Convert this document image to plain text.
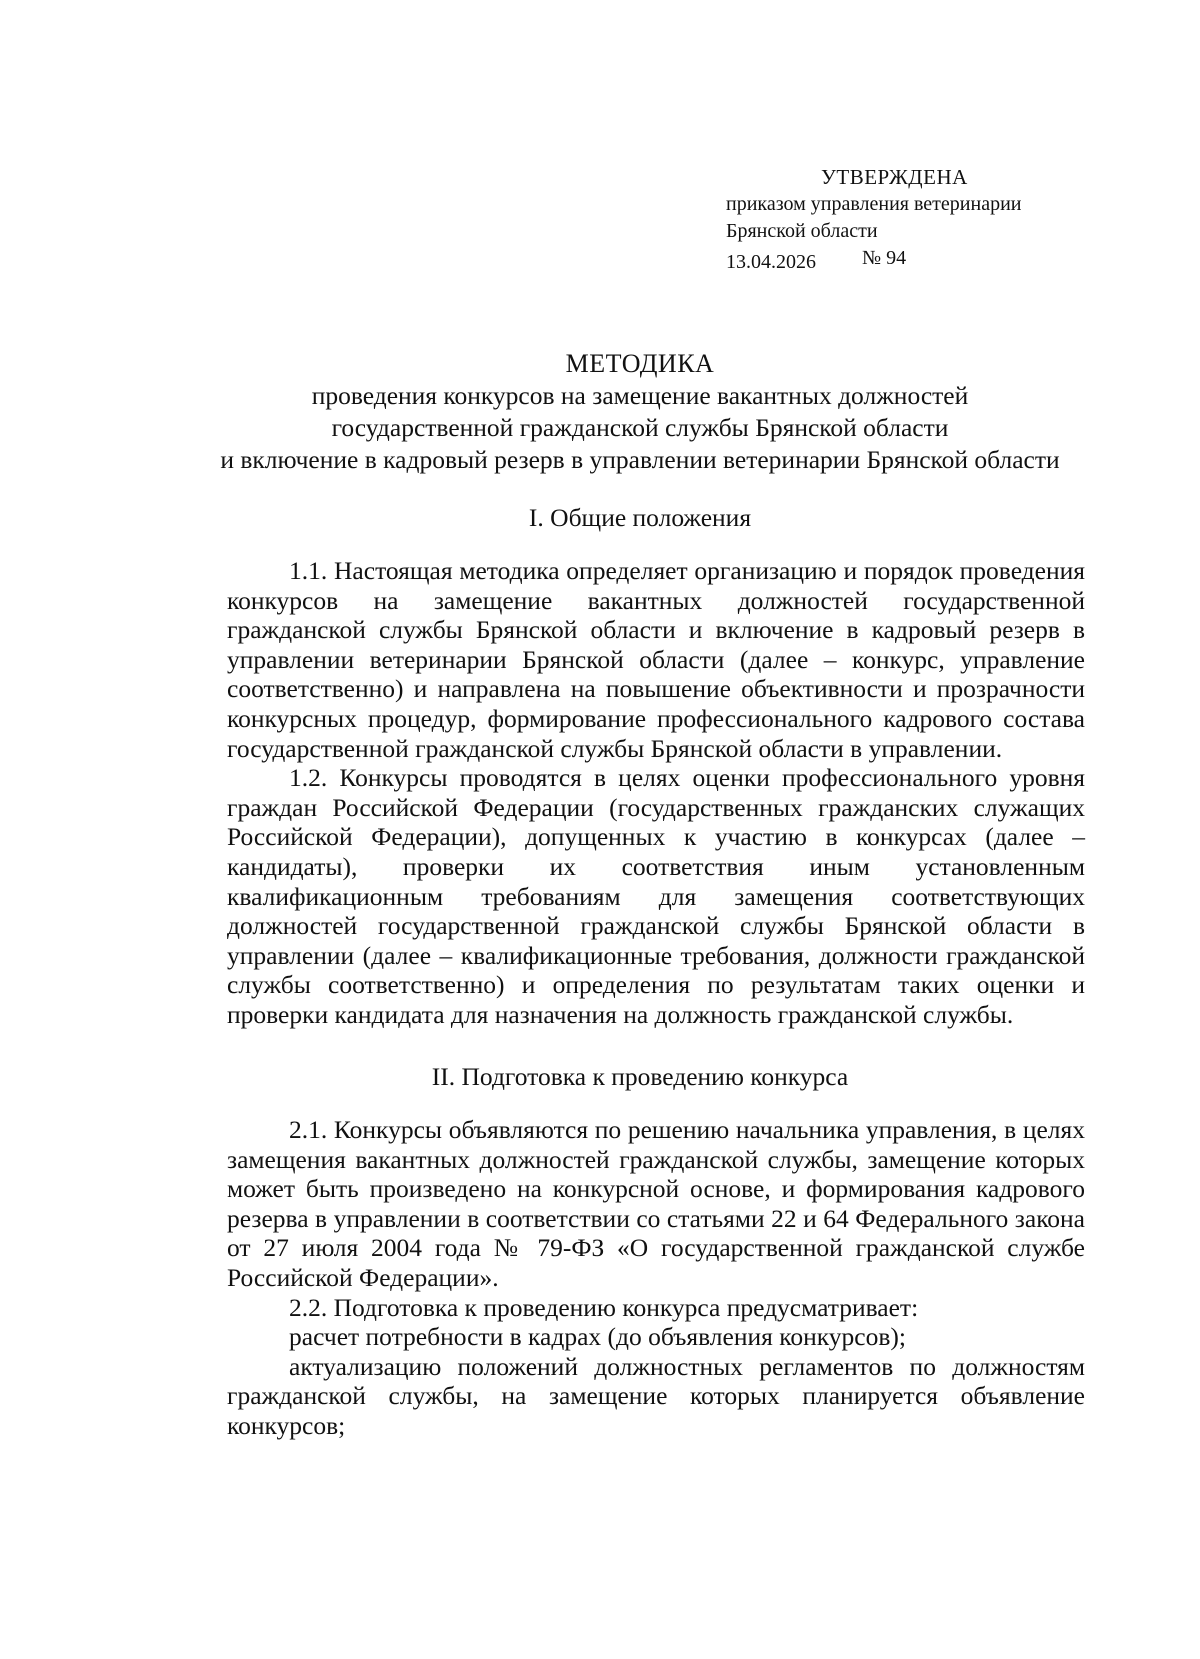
УТВЕРЖДЕНА
приказом управления ветеринарии
Брянской области
13.04.2026	№ 94
МЕТОДИКА
проведения конкурсов на замещение вакантных должностей
государственной гражданской службы Брянской области
и включение в кадровый резерв в управлении ветеринарии Брянской области
I. Общие положения

1.1. Настоящая методика определяет организацию и порядок проведения конкурсов на замещение вакантных должностей государственной гражданской службы Брянской области и включение в кадровый резерв в управлении ветеринарии Брянской области (далее – конкурс, управление соответственно) и направлена на повышение объективности и прозрачности конкурсных процедур, формирование профессионального кадрового состава государственной гражданской службы Брянской области в управлении.

1.2. Конкурсы проводятся в целях оценки профессионального уровня граждан Российской Федерации (государственных гражданских служащих Российской Федерации), допущенных к участию в конкурсах (далее – кандидаты), проверки их соответствия иным установленным квалификационным требованиям для замещения соответствующих должностей государственной гражданской службы Брянской области в управлении (далее – квалификационные требования, должности гражданской службы соответственно) и определения по результатам таких оценки и проверки кандидата для назначения на должность гражданской службы.

II. Подготовка к проведению конкурса

2.1. Конкурсы объявляются по решению начальника управления, в целях замещения вакантных должностей гражданской службы, замещение которых может быть произведено на конкурсной основе, и формирования кадрового резерва в управлении в соответствии со статьями 22 и 64 Федерального закона от 27 июля 2004 года № 79-ФЗ «О государственной гражданской службе Российской Федерации».

2.2. Подготовка к проведению конкурса предусматривает:

расчет потребности в кадрах (до объявления конкурсов);

актуализацию положений должностных регламентов по должностям гражданской службы, на замещение которых планируется объявление конкурсов;
